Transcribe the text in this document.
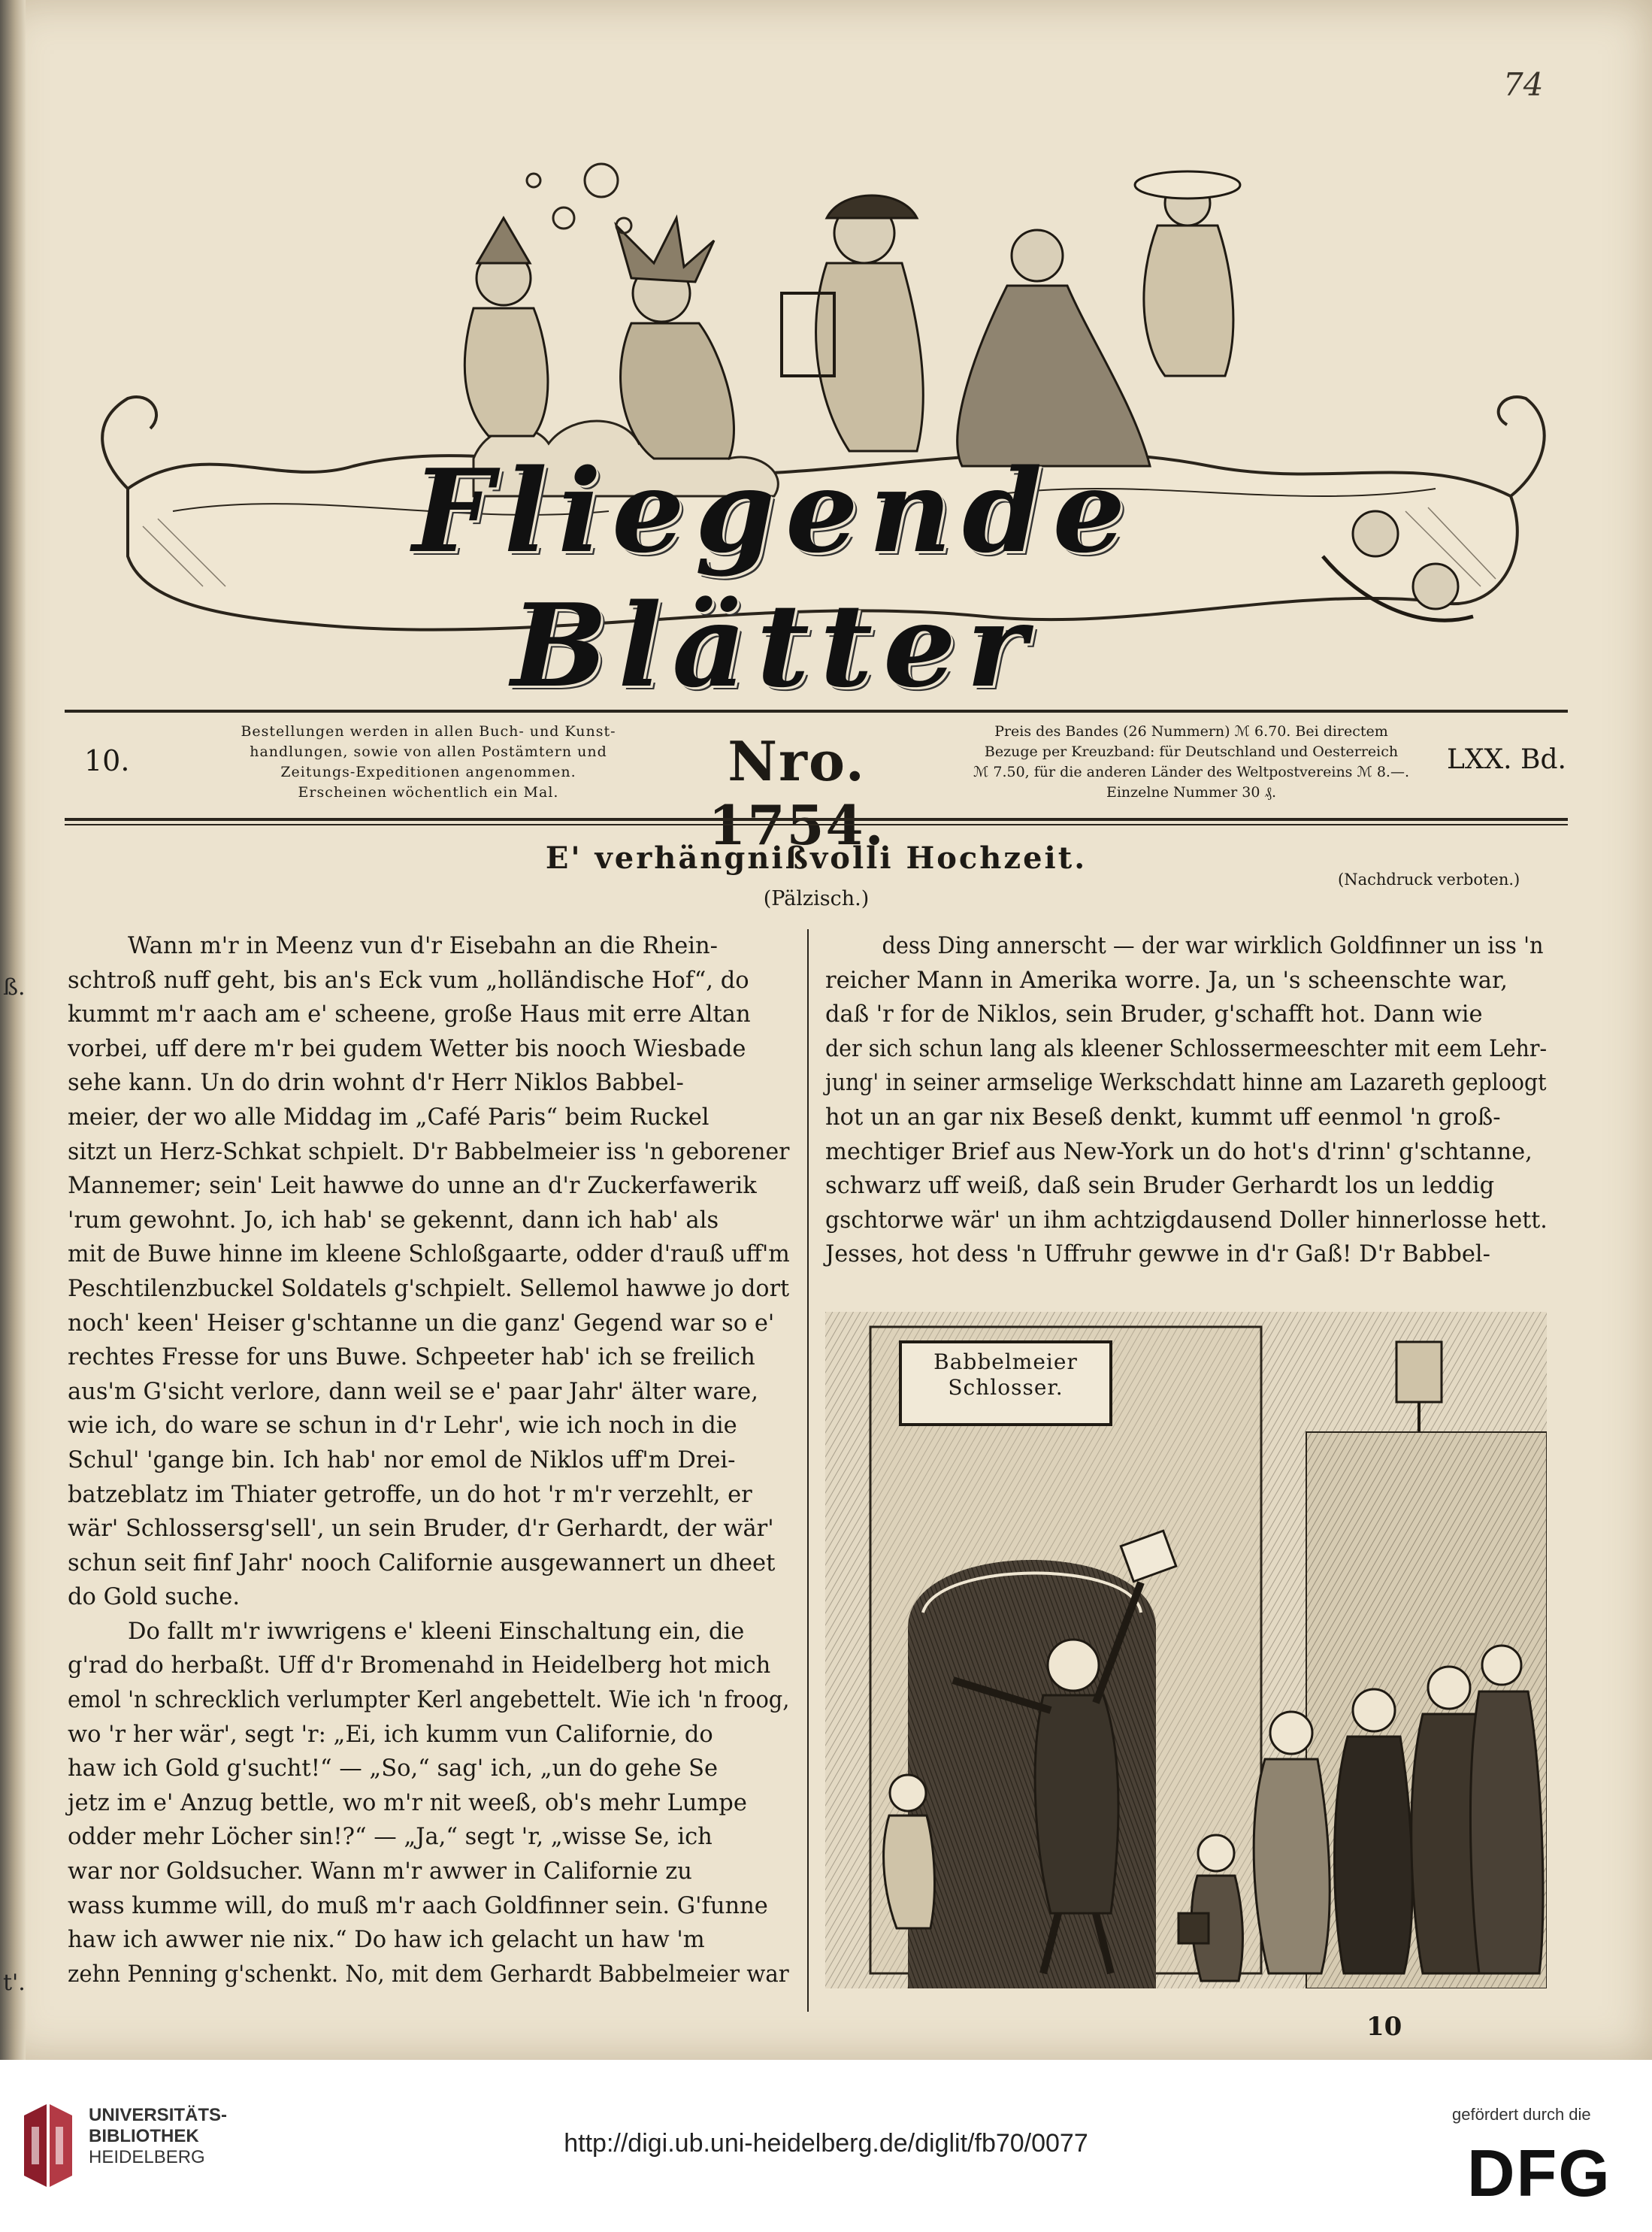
74
Fliegende Blätter
10.
Bestellungen werden in allen Buch- und Kunst-
handlungen, sowie von allen Postämtern und
Zeitungs-Expeditionen angenommen.
Erscheinen wöchentlich ein Mal.	Nro. 1754.
Preis des Bandes (26 Nummern) ℳ 6.70. Bei directem
Bezuge per Kreuzband: für Deutschland und Oesterreich
ℳ 7.50, für die anderen Länder des Weltpostvereins ℳ 8.—.
Einzelne Nummer 30 ₰.
LXX. Bd.
E' verhängnißvolli Hochzeit.
(Pälzisch.)
(Nachdruck verboten.)
Wann m'r in Meenz vun d'r Eisebahn an die Rhein-
schtroß nuff geht, bis an's Eck vum „holländische Hof“, do
kummt m'r aach am e' scheene, große Haus mit erre Altan
vorbei, uff dere m'r bei gudem Wetter bis nooch Wiesbade
sehe kann. Un do drin wohnt d'r Herr Niklos Babbel-
meier, der wo alle Middag im „Café Paris“ beim Ruckel
sitzt un Herz-Schkat schpielt. D'r Babbelmeier iss 'n geborener
Mannemer; sein' Leit hawwe do unne an d'r Zuckerfawerik
'rum gewohnt. Jo, ich hab' se gekennt, dann ich hab' als
mit de Buwe hinne im kleene Schloßgaarte, odder d'rauß uff'm
Peschtilenzbuckel Soldatels g'schpielt. Sellemol hawwe jo dort
noch' keen' Heiser g'schtanne un die ganz' Gegend war so e'
rechtes Fresse for uns Buwe. Schpeeter hab' ich se freilich
aus'm G'sicht verlore, dann weil se e' paar Jahr' älter ware,
wie ich, do ware se schun in d'r Lehr', wie ich noch in die
Schul' 'gange bin. Ich hab' nor emol de Niklos uff'm Drei-
batzeblatz im Thiater getroffe, un do hot 'r m'r verzehlt, er
wär' Schlossersg'sell', un sein Bruder, d'r Gerhardt, der wär'
schun seit finf Jahr' nooch Californie ausgewannert un dheet
do Gold suche.
Do fallt m'r iwwrigens e' kleeni Einschaltung ein, die
g'rad do herbaßt. Uff d'r Bromenahd in Heidelberg hot mich
emol 'n schrecklich verlumpter Kerl angebettelt. Wie ich 'n froog,
wo 'r her wär', segt 'r: „Ei, ich kumm vun Californie, do
haw ich Gold g'sucht!“ — „So,“ sag' ich, „un do gehe Se
jetz im e' Anzug bettle, wo m'r nit weeß, ob's mehr Lumpe
odder mehr Löcher sin!?“ — „Ja,“ segt 'r, „wisse Se, ich
war nor Goldsucher. Wann m'r awwer in Californie zu
wass kumme will, do muß m'r aach Goldfinner sein. G'funne
haw ich awwer nie nix.“ Do haw ich gelacht un haw 'm
zehn Penning g'schenkt. No, mit dem Gerhardt Babbelmeier war
dess Ding annerscht — der war wirklich Goldfinner un iss 'n
reicher Mann in Amerika worre. Ja, un 's scheenschte war,
daß 'r for de Niklos, sein Bruder, g'schafft hot. Dann wie
der sich schun lang als kleener Schlossermeeschter mit eem Lehr-
jung' in seiner armselige Werkschdatt hinne am Lazareth geploogt
hot un an gar nix Beseß denkt, kummt uff eenmol 'n groß-
mechtiger Brief aus New-York un do hot's d'rinn' g'schtanne,
schwarz uff weiß, daß sein Bruder Gerhardt los un leddig
gschtorwe wär' un ihm achtzigdausend Doller hinnerlosse hett.
Jesses, hot dess 'n Uffruhr gewwe in d'r Gaß! D'r Babbel-
Babbelmeier
Schlosser.
10
ß.
t'.
UNIVERSITÄTS-
BIBLIOTHEK
HEIDELBERG	http://digi.ub.uni-heidelberg.de/diglit/fb70/0077
gefördert durch die
DFG
